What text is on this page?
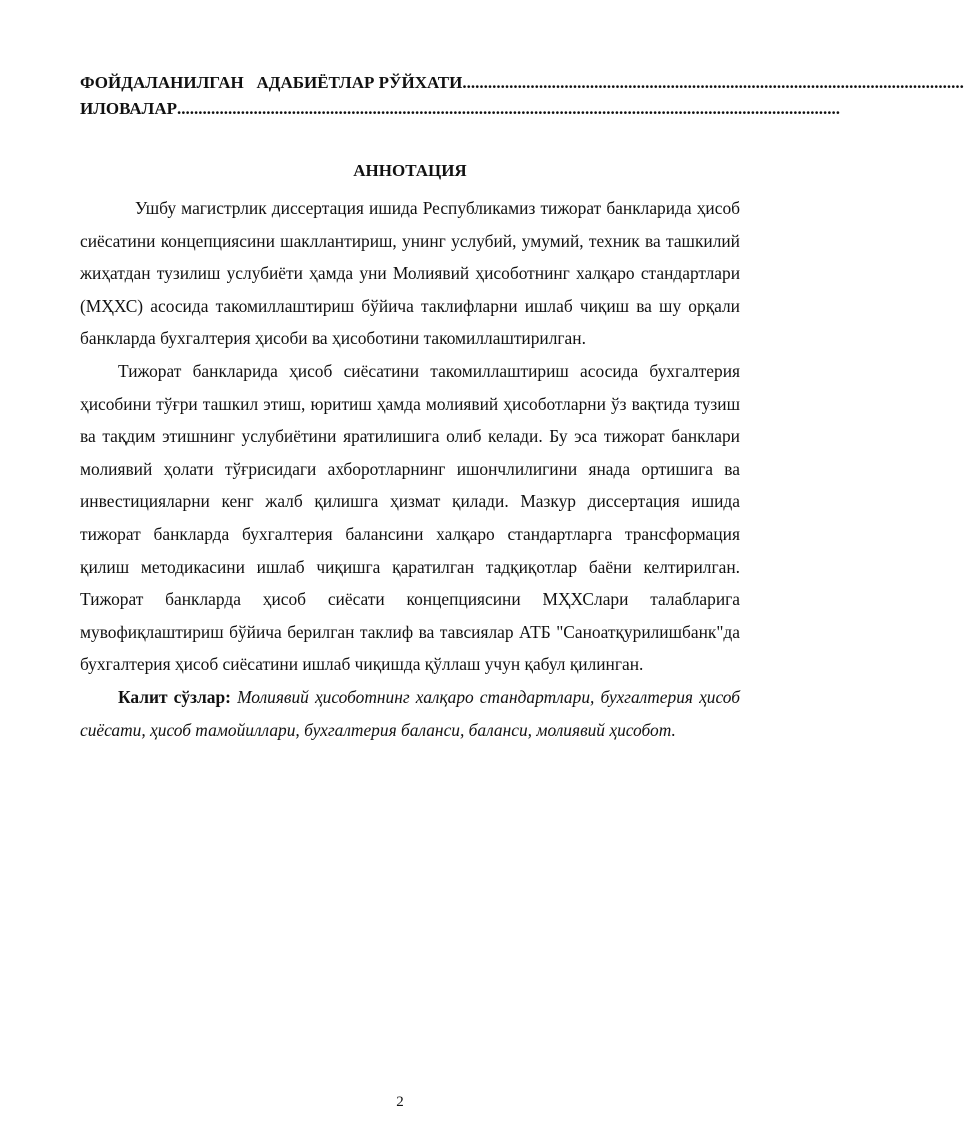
ФОЙДАЛАНИЛГАН   АДАБИЁТЛАР РЎЙХАТИ ......................................................................................................................
ИЛОВАЛАР ............................................................................................................................................................
АННОТАЦИЯ

Ушбу магистрлик диссертация ишида Республикамиз тижорат банкларида ҳисоб сиёсатини концепциясини шакллантириш, унинг услубий, умумий, техник ва ташкилий жиҳатдан тузилиш услубиёти ҳамда уни Молиявий ҳисоботнинг халқаро стандартлари (МҲХС) асосида такомиллаштириш бўйича таклифларни ишлаб чиқиш ва шу орқали банкларда бухгалтерия ҳисоби ва ҳисоботини такомиллаштирилган.

Тижорат банкларида ҳисоб сиёсатини такомиллаштириш асосида бухгалтерия ҳисобини тўғри ташкил этиш, юритиш ҳамда молиявий ҳисоботларни ўз вақтида тузиш ва тақдим этишнинг услубиётини яратилишига олиб келади. Бу эса тижорат банклари молиявий ҳолати тўғрисидаги ахборотларнинг ишончлилигини янада ортишига ва инвестицияларни кенг жалб қилишга ҳизмат қилади. Мазкур диссертация ишида тижорат банкларда бухгалтерия балансини халқаро стандартларга трансформация қилиш методикасини ишлаб чиқишга қаратилган тадқиқотлар баёни келтирилган. Тижорат банкларда ҳисоб сиёсати концепциясини МҲХСлари талабларига мувофиқлаштириш бўйича берилган таклиф ва тавсиялар АТБ "Саноатқурилишбанк"да бухгалтерия ҳисоб сиёсатини ишлаб чиқишда қўллаш учун қабул қилинган.

Калит сўзлар: Молиявий ҳисоботнинг халқаро стандартлари, бухгалтерия ҳисоб сиёсати, ҳисоб тамойиллари, бухгалтерия баланси, баланси, молиявий ҳисобот.

2
